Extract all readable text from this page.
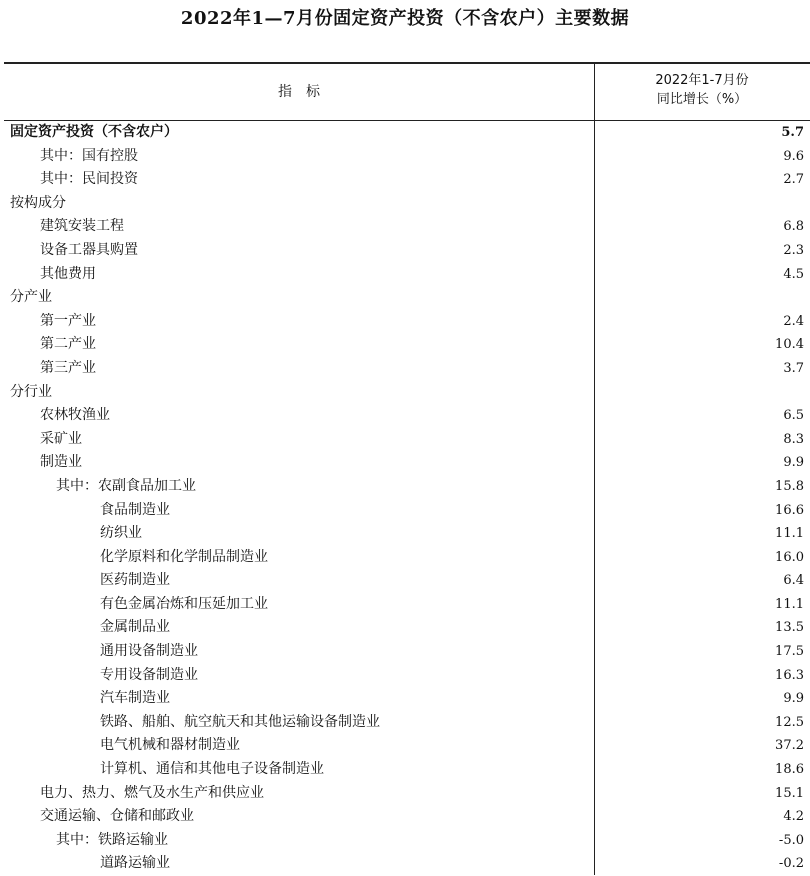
2022年1—7月份固定资产投资（不含农户）主要数据
指　标
2022年1-7月份
同比增长（%）
固定资产投资（不含农户）	5.7
其中：国有控股	9.6
其中：民间投资	2.7
按构成分
建筑安装工程	6.8
设备工器具购置	2.3
其他费用	4.5
分产业
第一产业	2.4
第二产业	10.4
第三产业	3.7
分行业
农林牧渔业	6.5
采矿业	8.3
制造业	9.9
其中：农副食品加工业	15.8
食品制造业	16.6
纺织业	11.1
化学原料和化学制品制造业	16.0
医药制造业	6.4
有色金属冶炼和压延加工业	11.1
金属制品业	13.5
通用设备制造业	17.5
专用设备制造业	16.3
汽车制造业	9.9
铁路、船舶、航空航天和其他运输设备制造业	12.5
电气机械和器材制造业	37.2
计算机、通信和其他电子设备制造业	18.6
电力、热力、燃气及水生产和供应业	15.1
交通运输、仓储和邮政业	4.2
其中：铁路运输业	-5.0
道路运输业	-0.2
